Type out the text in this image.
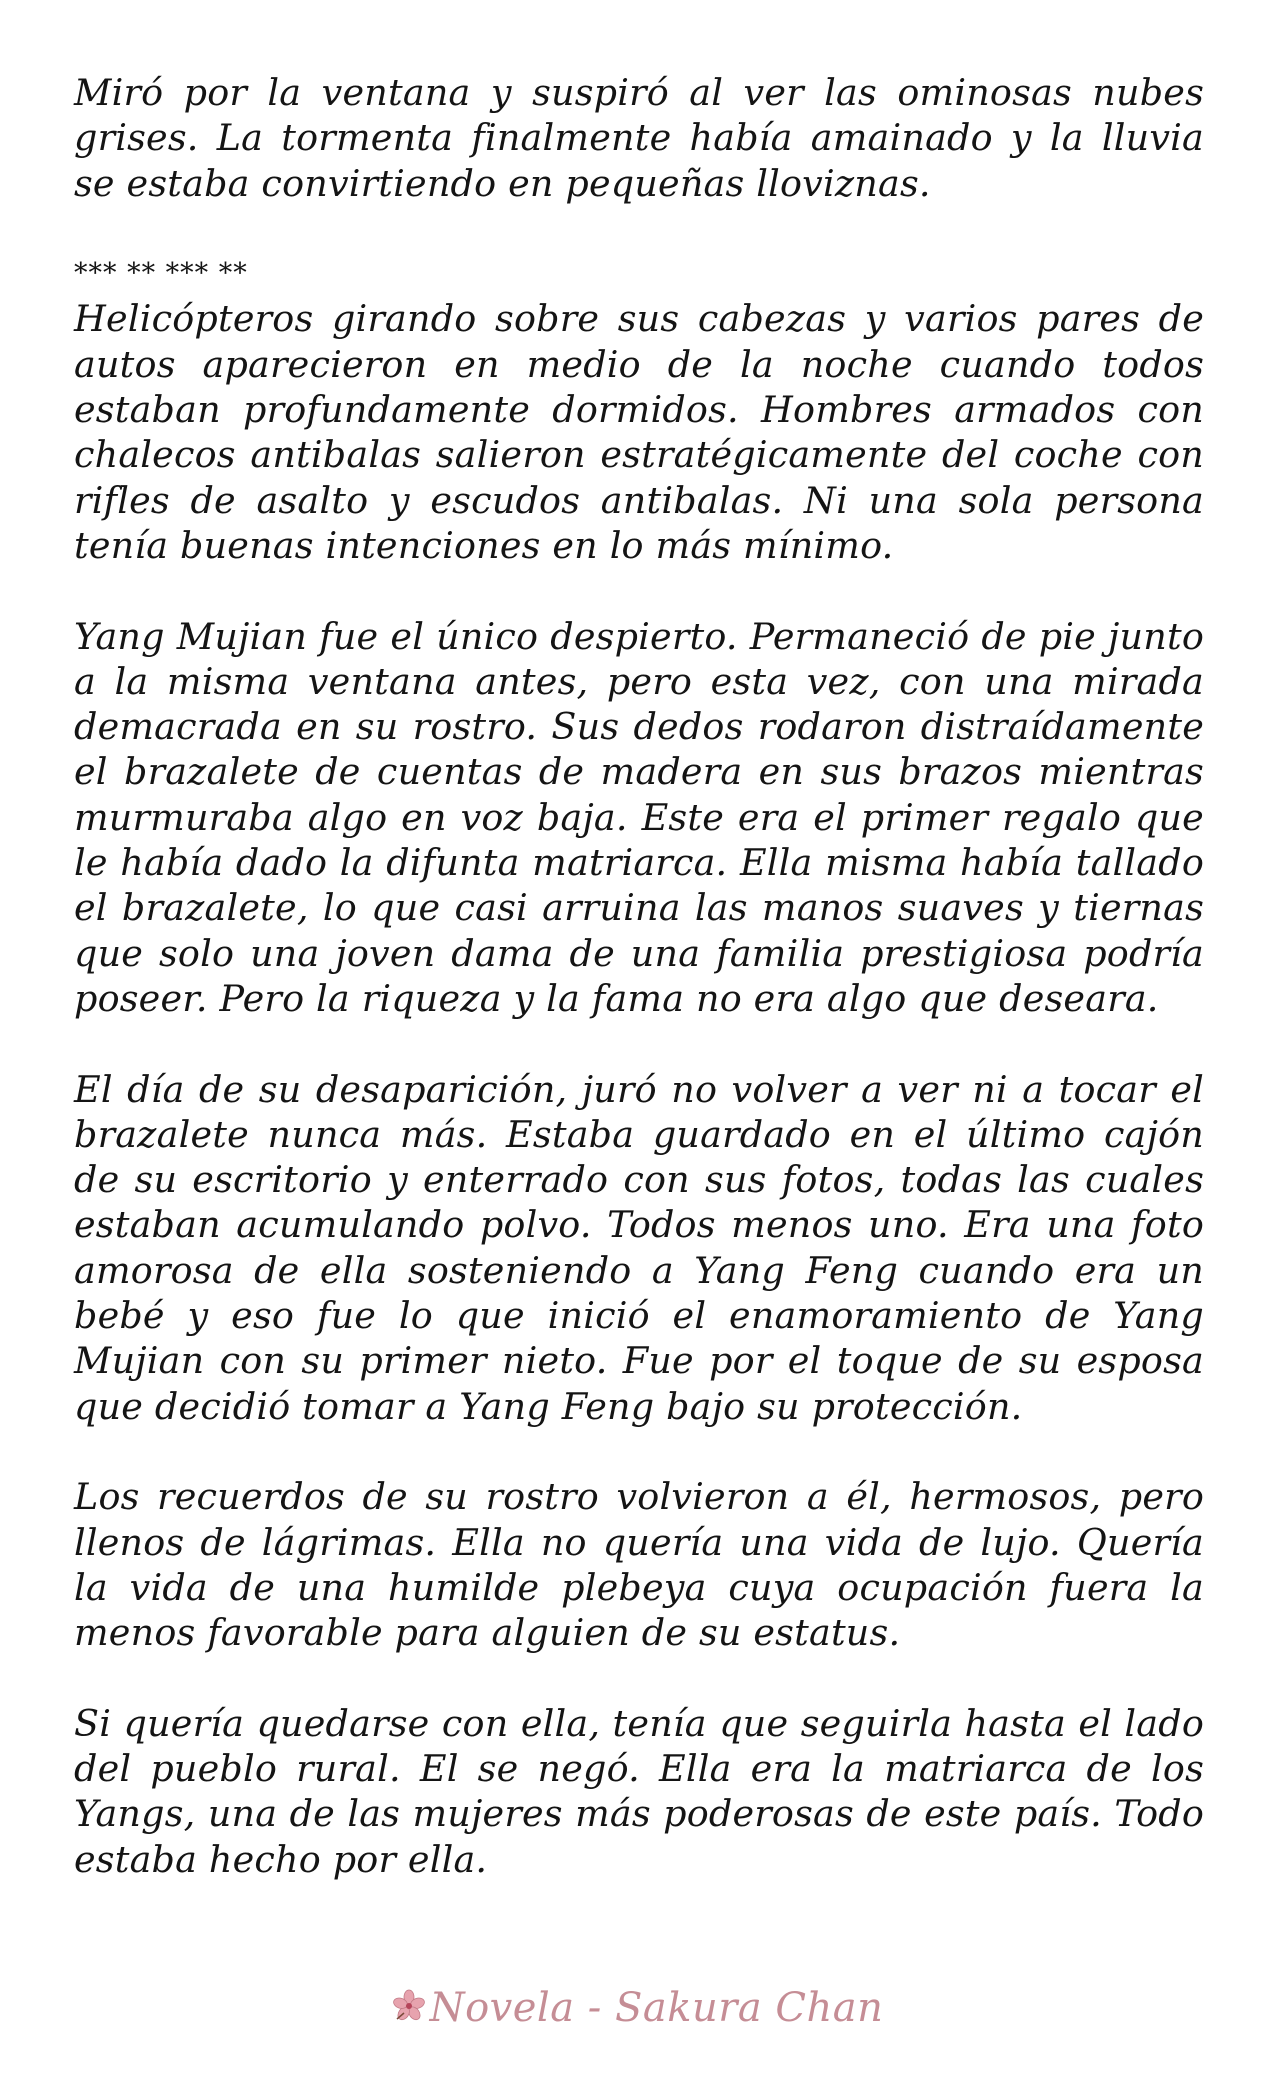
Miró por la ventana y suspiró al ver las ominosas nubes grises. La tormenta finalmente había amainado y la lluvia se estaba convirtiendo en pequeñas lloviznas.

*** ** *** **

Helicópteros girando sobre sus cabezas y varios pares de autos aparecieron en medio de la noche cuando todos estaban profundamente dormidos. Hombres armados con chalecos antibalas salieron estratégicamente del coche con rifles de asalto y escudos antibalas. Ni una sola persona tenía buenas intenciones en lo más mínimo.

Yang Mujian fue el único despierto. Permaneció de pie junto a la misma ventana antes, pero esta vez, con una mirada demacrada en su rostro. Sus dedos rodaron distraídamente el brazalete de cuentas de madera en sus brazos mientras murmuraba algo en voz baja. Este era el primer regalo que le había dado la difunta matriarca. Ella misma había tallado el brazalete, lo que casi arruina las manos suaves y tiernas que solo una joven dama de una familia prestigiosa podría poseer. Pero la riqueza y la fama no era algo que deseara.

El día de su desaparición, juró no volver a ver ni a tocar el brazalete nunca más. Estaba guardado en el último cajón de su escritorio y enterrado con sus fotos, todas las cuales estaban acumulando polvo. Todos menos uno. Era una foto amorosa de ella sosteniendo a Yang Feng cuando era un bebé y eso fue lo que inició el enamoramiento de Yang Mujian con su primer nieto. Fue por el toque de su esposa que decidió tomar a Yang Feng bajo su protección.

Los recuerdos de su rostro volvieron a él, hermosos, pero llenos de lágrimas. Ella no quería una vida de lujo. Quería la vida de una humilde plebeya cuya ocupación fuera la menos favorable para alguien de su estatus.

Si quería quedarse con ella, tenía que seguirla hasta el lado del pueblo rural. El se negó. Ella era la matriarca de los Yangs, una de las mujeres más poderosas de este país. Todo estaba hecho por ella.

Novela - Sakura Chan
